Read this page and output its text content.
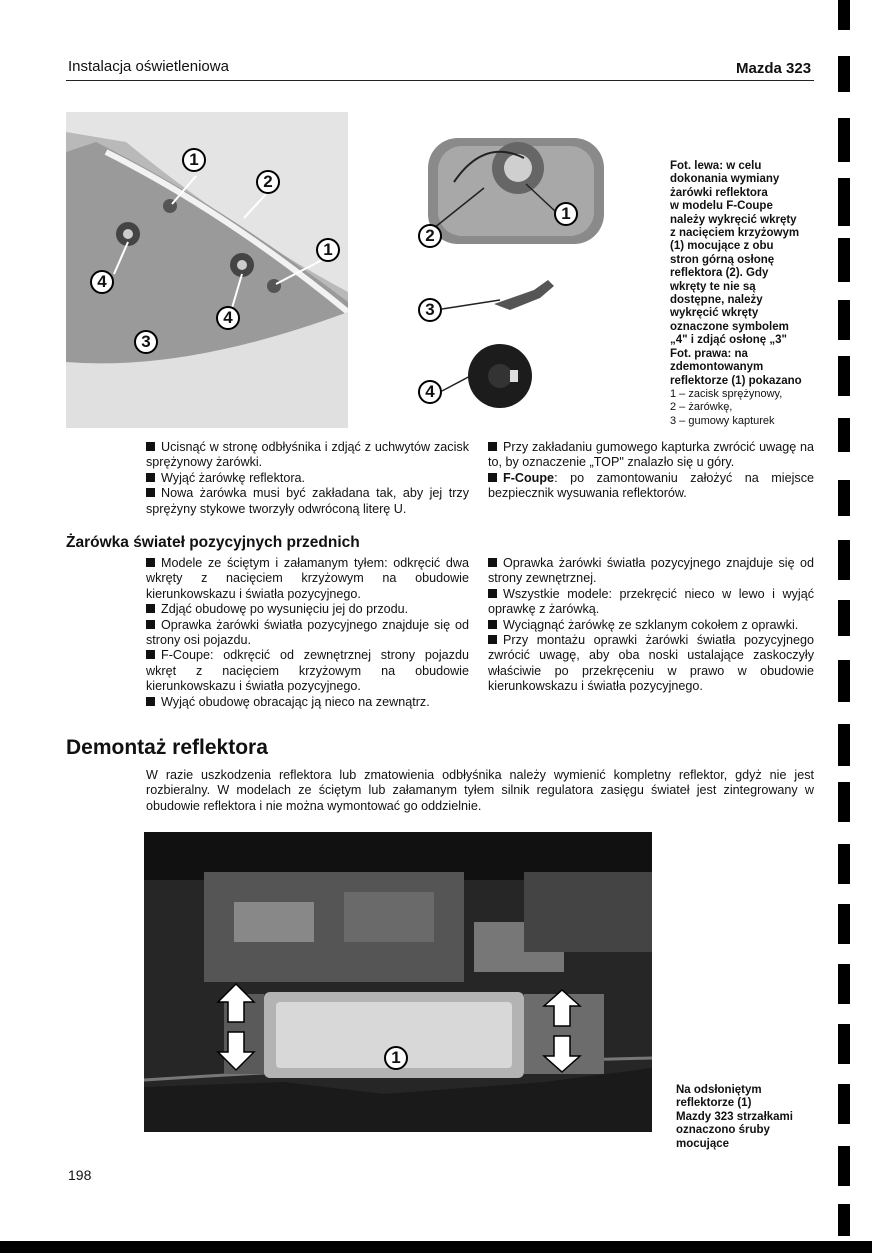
Instalacja oświetleniowa	Mazda 323
1
2
1
4
4
3
1
2
3
4
Fot. lewa: w celu
dokonania wymiany
żarówki reflektora
w modelu F-Coupe
należy wykręcić wkręty
z nacięciem krzyżowym
(1) mocujące z obu
stron górną osłonę
reflektora (2). Gdy
wkręty te nie są
dostępne, należy
wykręcić wkręty
oznaczone symbolem
„4" i zdjąć osłonę „3"
Fot. prawa: na
zdemontowanym
reflektorze (1) pokazano
1 – zacisk sprężynowy,
2 – żarówkę,
3 – gumowy kapturek

Ucisnąć w stronę odbłyśnika i zdjąć z uchwytów zacisk sprężynowy żarówki.

Wyjąć żarówkę reflektora.

Nowa żarówka musi być zakładana tak, aby jej trzy sprężyny stykowe tworzyły odwróconą literę U.

Przy zakładaniu gumowego kapturka zwrócić uwagę na to, by oznaczenie „TOP" znalazło się u góry.

F-Coupe: po zamontowaniu założyć na miejsce bezpiecznik wysuwania reflektorów.

Żarówka świateł pozycyjnych przednich

Modele ze ściętym i załamanym tyłem: odkręcić dwa wkręty z nacięciem krzyżowym na obudowie kierunkowskazu i światła pozycyjnego.

Zdjąć obudowę po wysunięciu jej do przodu.

Oprawka żarówki światła pozycyjnego znajduje się od strony osi pojazdu.

F-Coupe: odkręcić od zewnętrznej strony pojazdu wkręt z nacięciem krzyżowym na obudowie kierunkowskazu i światła pozycyjnego.

Wyjąć obudowę obracając ją nieco na zewnątrz.

Oprawka żarówki światła pozycyjnego znajduje się od strony zewnętrznej.

Wszystkie modele: przekręcić nieco w lewo i wyjąć oprawkę z żarówką.

Wyciągnąć żarówkę ze szklanym cokołem z oprawki.

Przy montażu oprawki żarówki światła pozycyjnego zwrócić uwagę, aby oba noski ustalające zaskoczyły właściwie po przekręceniu w prawo w obudowie kierunkowskazu i światła pozycyjnego.

Demontaż reflektora
W razie uszkodzenia reflektora lub zmatowienia odbłyśnika należy wymienić kompletny reflektor, gdyż nie jest rozbieralny. W modelach ze ściętym lub załamanym tyłem silnik regulatora zasięgu świateł jest zintegrowany w obudowie reflektora i nie można wymontować go oddzielnie.
1
Na odsłoniętym
reflektorze (1)
Mazdy 323 strzałkami
oznaczono śruby
mocujące
198
